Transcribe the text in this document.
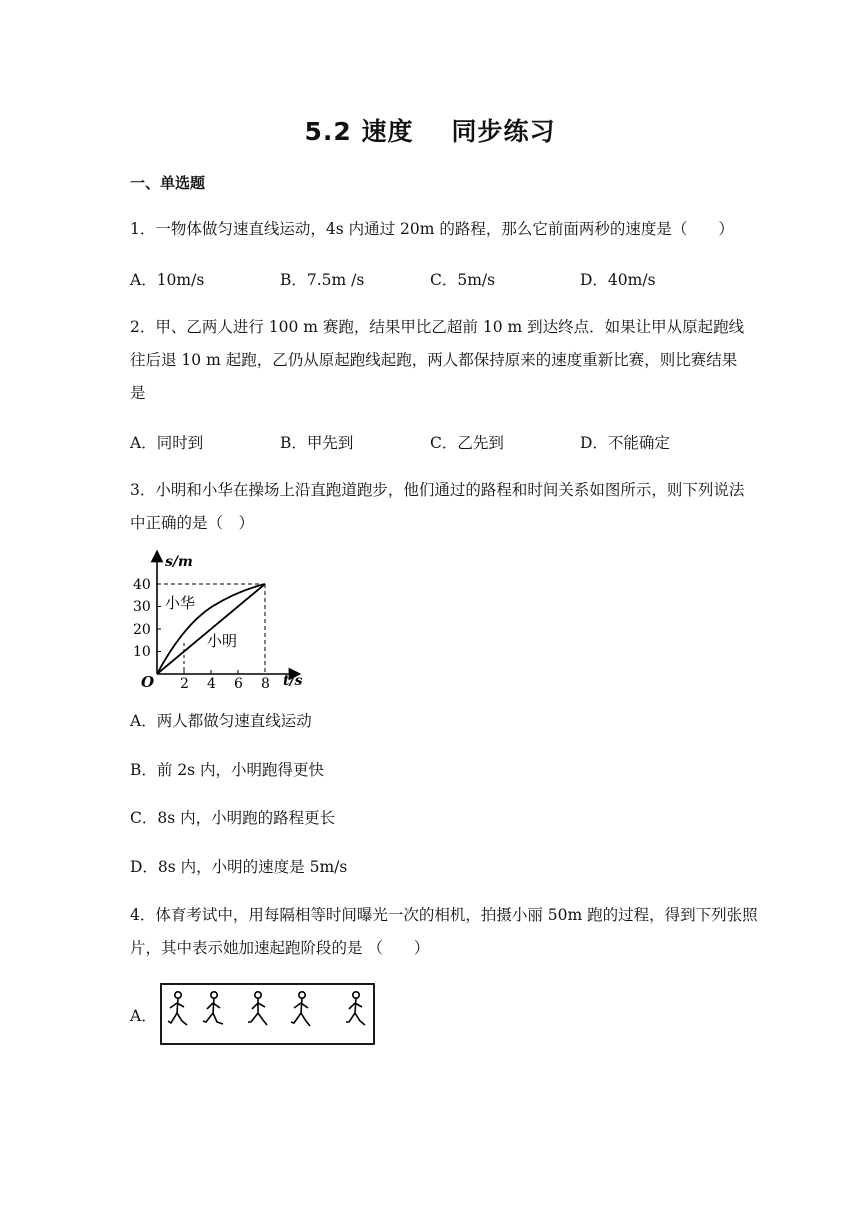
5.2 速度 同步练习
一、单选题
1．一物体做匀速直线运动，4s 内通过 20m 的路程，那么它前面两秒的速度是（　　）
A．10m/s	B．7.5m /s	C．5m/s	D．40m/s
2．甲、乙两人进行 100 m 赛跑，结果甲比乙超前 10 m 到达终点．如果让甲从原起跑线
往后退 10 m 起跑，乙仍从原起跑线起跑，两人都保持原来的速度重新比赛，则比赛结果
是
A．同时到	B．甲先到	C．乙先到	D．不能确定
3．小明和小华在操场上沿直跑道跑步，他们通过的路程和时间关系如图所示，则下列说法
中正确的是（　）
s/m
t/s
O
10
20
30
40
2 4 6 8
小华
小明
A．两人都做匀速直线运动
B．前 2s 内，小明跑得更快
C．8s 内，小明跑的路程更长
D．8s 内，小明的速度是 5m/s
4．体育考试中，用每隔相等时间曝光一次的相机，拍摄小丽 50m 跑的过程，得到下列张照
片，其中表示她加速起跑阶段的是 （　　）
A．
